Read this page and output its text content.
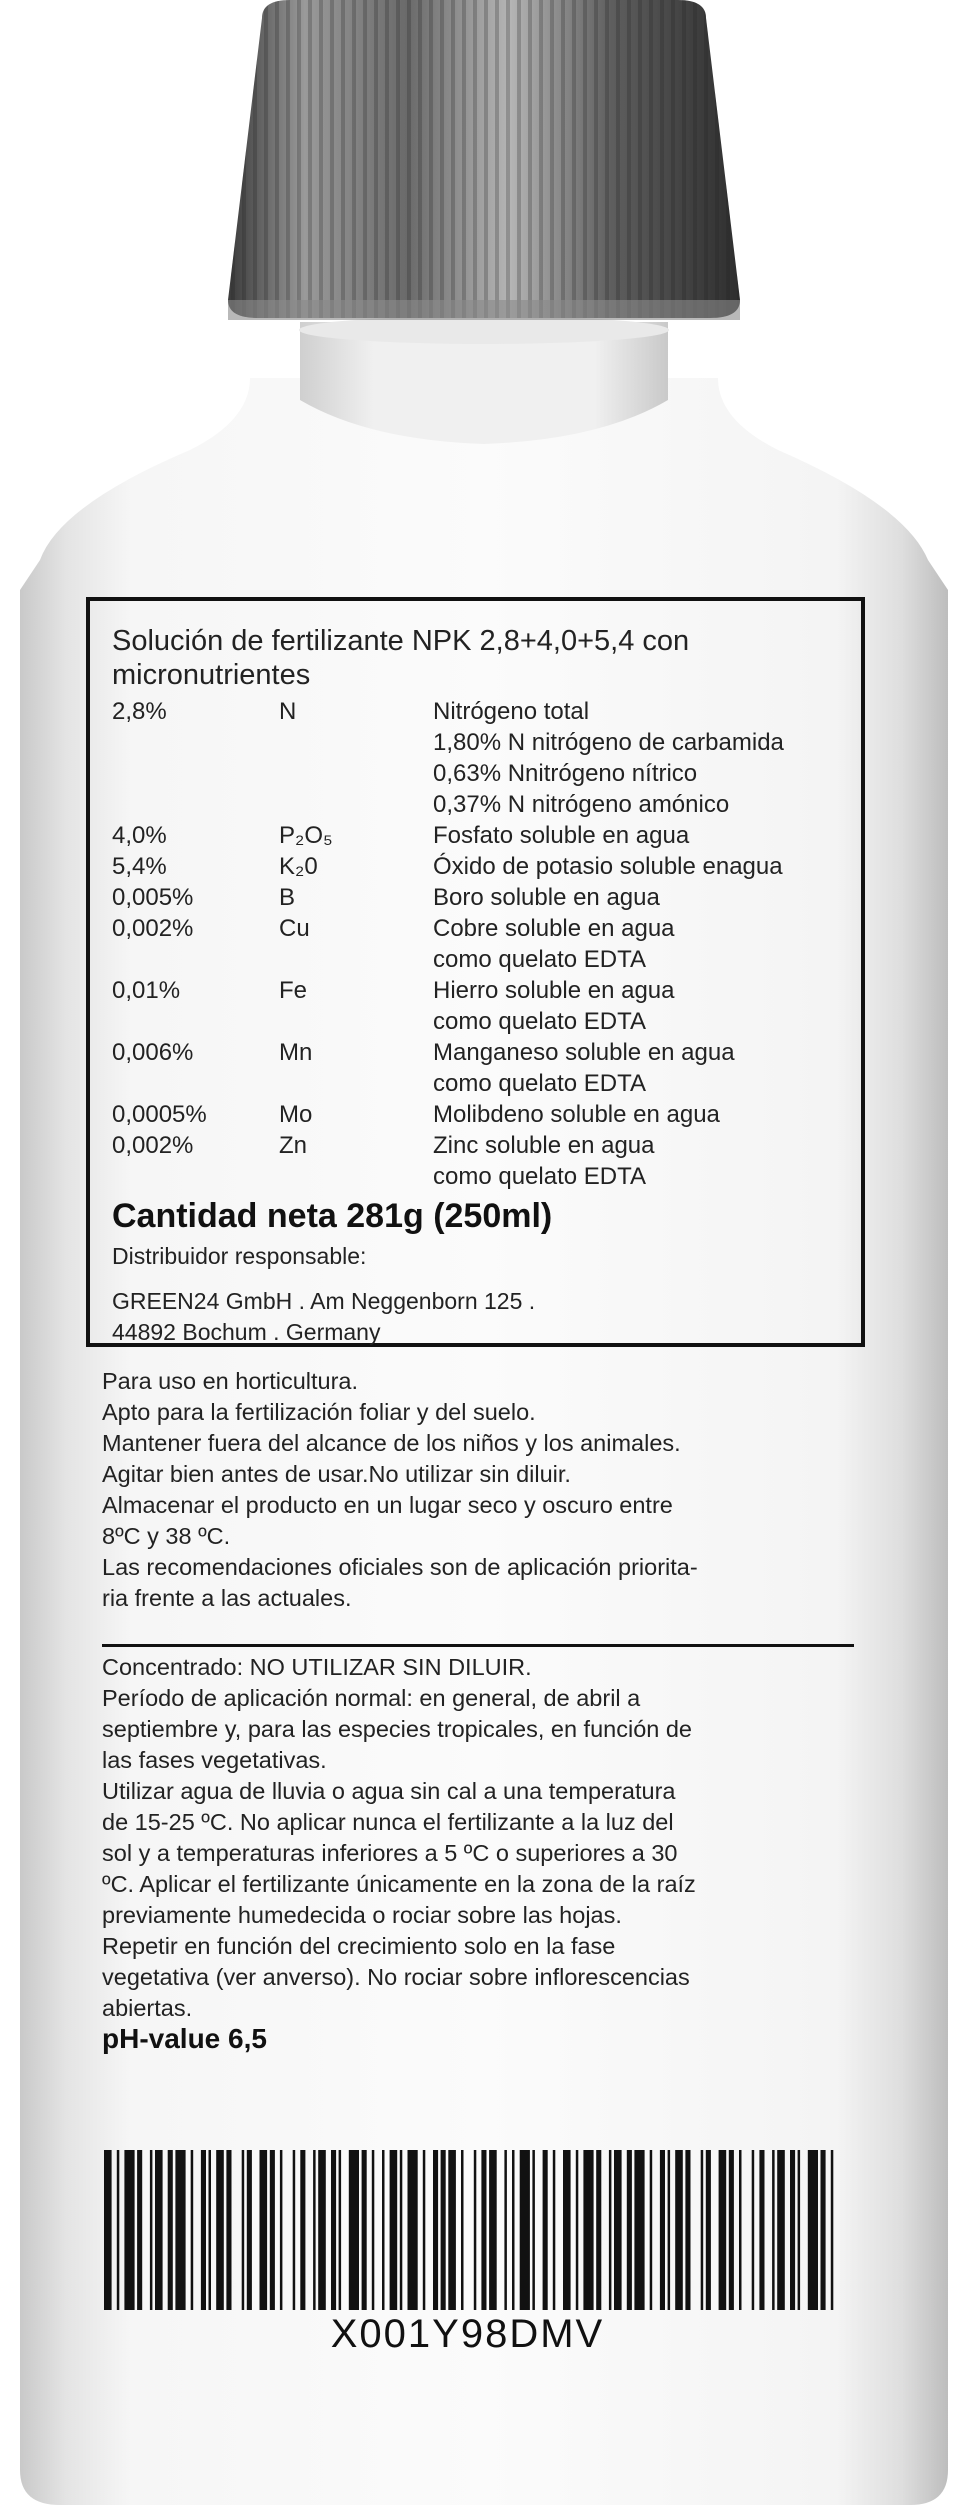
Solución de fertilizante NPK 2,8+4,0+5,4 con
micronutrientes
2,8%	N	Nitrógeno total
1,80% N nitrógeno de carbamida
0,63% Nnitrógeno nítrico
0,37% N nitrógeno amónico
4,0%	P₂O₅	Fosfato soluble en agua
5,4%	K₂0	Óxido de potasio soluble enagua
0,005%	B	Boro soluble en agua
0,002%	Cu	Cobre soluble en agua
como quelato EDTA
0,01%	Fe	Hierro soluble en agua
como quelato EDTA
0,006%	Mn	Manganeso soluble en agua
como quelato EDTA
0,0005%	Mo	Molibdeno soluble en agua
0,002%	Zn	Zinc soluble en agua
como quelato EDTA
Cantidad neta 281g (250ml)
Distribuidor responsable:
GREEN24 GmbH . Am Neggenborn 125 .
44892 Bochum . Germany
Para uso en horticultura.
Apto para la fertilización foliar y del suelo.
Mantener fuera del alcance de los niños y los animales.
Agitar bien antes de usar.No utilizar sin diluir.
Almacenar el producto en un lugar seco y oscuro entre
8ºC y 38 ºC.
Las recomendaciones oficiales son de aplicación priorita-
ria frente a las actuales.
Concentrado: NO UTILIZAR SIN DILUIR.
Período de aplicación normal: en general, de abril a
septiembre y, para las especies tropicales, en función de
las fases vegetativas.
Utilizar agua de lluvia o agua sin cal a una temperatura
de 15-25 ºC. No aplicar nunca el fertilizante a la luz del
sol y a temperaturas inferiores a 5 ºC o superiores a 30
ºC. Aplicar el fertilizante únicamente en la zona de la raíz
previamente humedecida o rociar sobre las hojas.
Repetir en función del crecimiento solo en la fase
vegetativa (ver anverso). No rociar sobre inflorescencias
abiertas.
pH-value 6,5
X001Y98DMV
